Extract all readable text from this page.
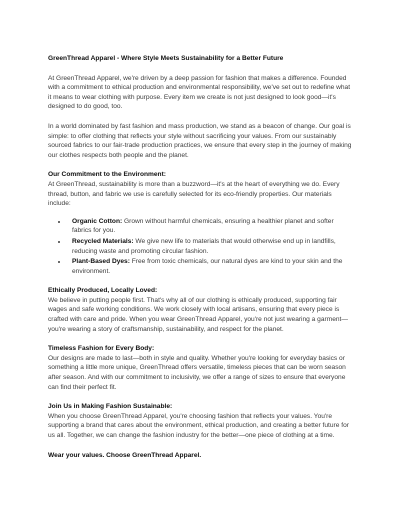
GreenThread Apparel - Where Style Meets Sustainability for a Better Future

At GreenThread Apparel, we're driven by a deep passion for fashion that makes a difference. Founded with a commitment to ethical production and environmental responsibility, we've set out to redefine what it means to wear clothing with purpose. Every item we create is not just designed to look good—it's designed to do good, too.

In a world dominated by fast fashion and mass production, we stand as a beacon of change. Our goal is simple: to offer clothing that reflects your style without sacrificing your values. From our sustainably sourced fabrics to our fair-trade production practices, we ensure that every step in the journey of making our clothes respects both people and the planet.

Our Commitment to the Environment:
At GreenThread, sustainability is more than a buzzword—it's at the heart of everything we do. Every thread, button, and fabric we use is carefully selected for its eco-friendly properties. Our materials include:
• Organic Cotton: Grown without harmful chemicals, ensuring a healthier planet and softer fabrics for you.
• Recycled Materials: We give new life to materials that would otherwise end up in landfills, reducing waste and promoting circular fashion.
• Plant-Based Dyes: Free from toxic chemicals, our natural dyes are kind to your skin and the environment.
Ethically Produced, Locally Loved:
We believe in putting people first. That's why all of our clothing is ethically produced, supporting fair wages and safe working conditions. We work closely with local artisans, ensuring that every piece is crafted with care and pride. When you wear GreenThread Apparel, you're not just wearing a garment—you're wearing a story of craftsmanship, sustainability, and respect for the planet.
Timeless Fashion for Every Body:
Our designs are made to last—both in style and quality. Whether you're looking for everyday basics or something a little more unique, GreenThread offers versatile, timeless pieces that can be worn season after season. And with our commitment to inclusivity, we offer a range of sizes to ensure that everyone can find their perfect fit.
Join Us in Making Fashion Sustainable:
When you choose GreenThread Apparel, you're choosing fashion that reflects your values. You're supporting a brand that cares about the environment, ethical production, and creating a better future for us all. Together, we can change the fashion industry for the better—one piece of clothing at a time.
Wear your values. Choose GreenThread Apparel.
